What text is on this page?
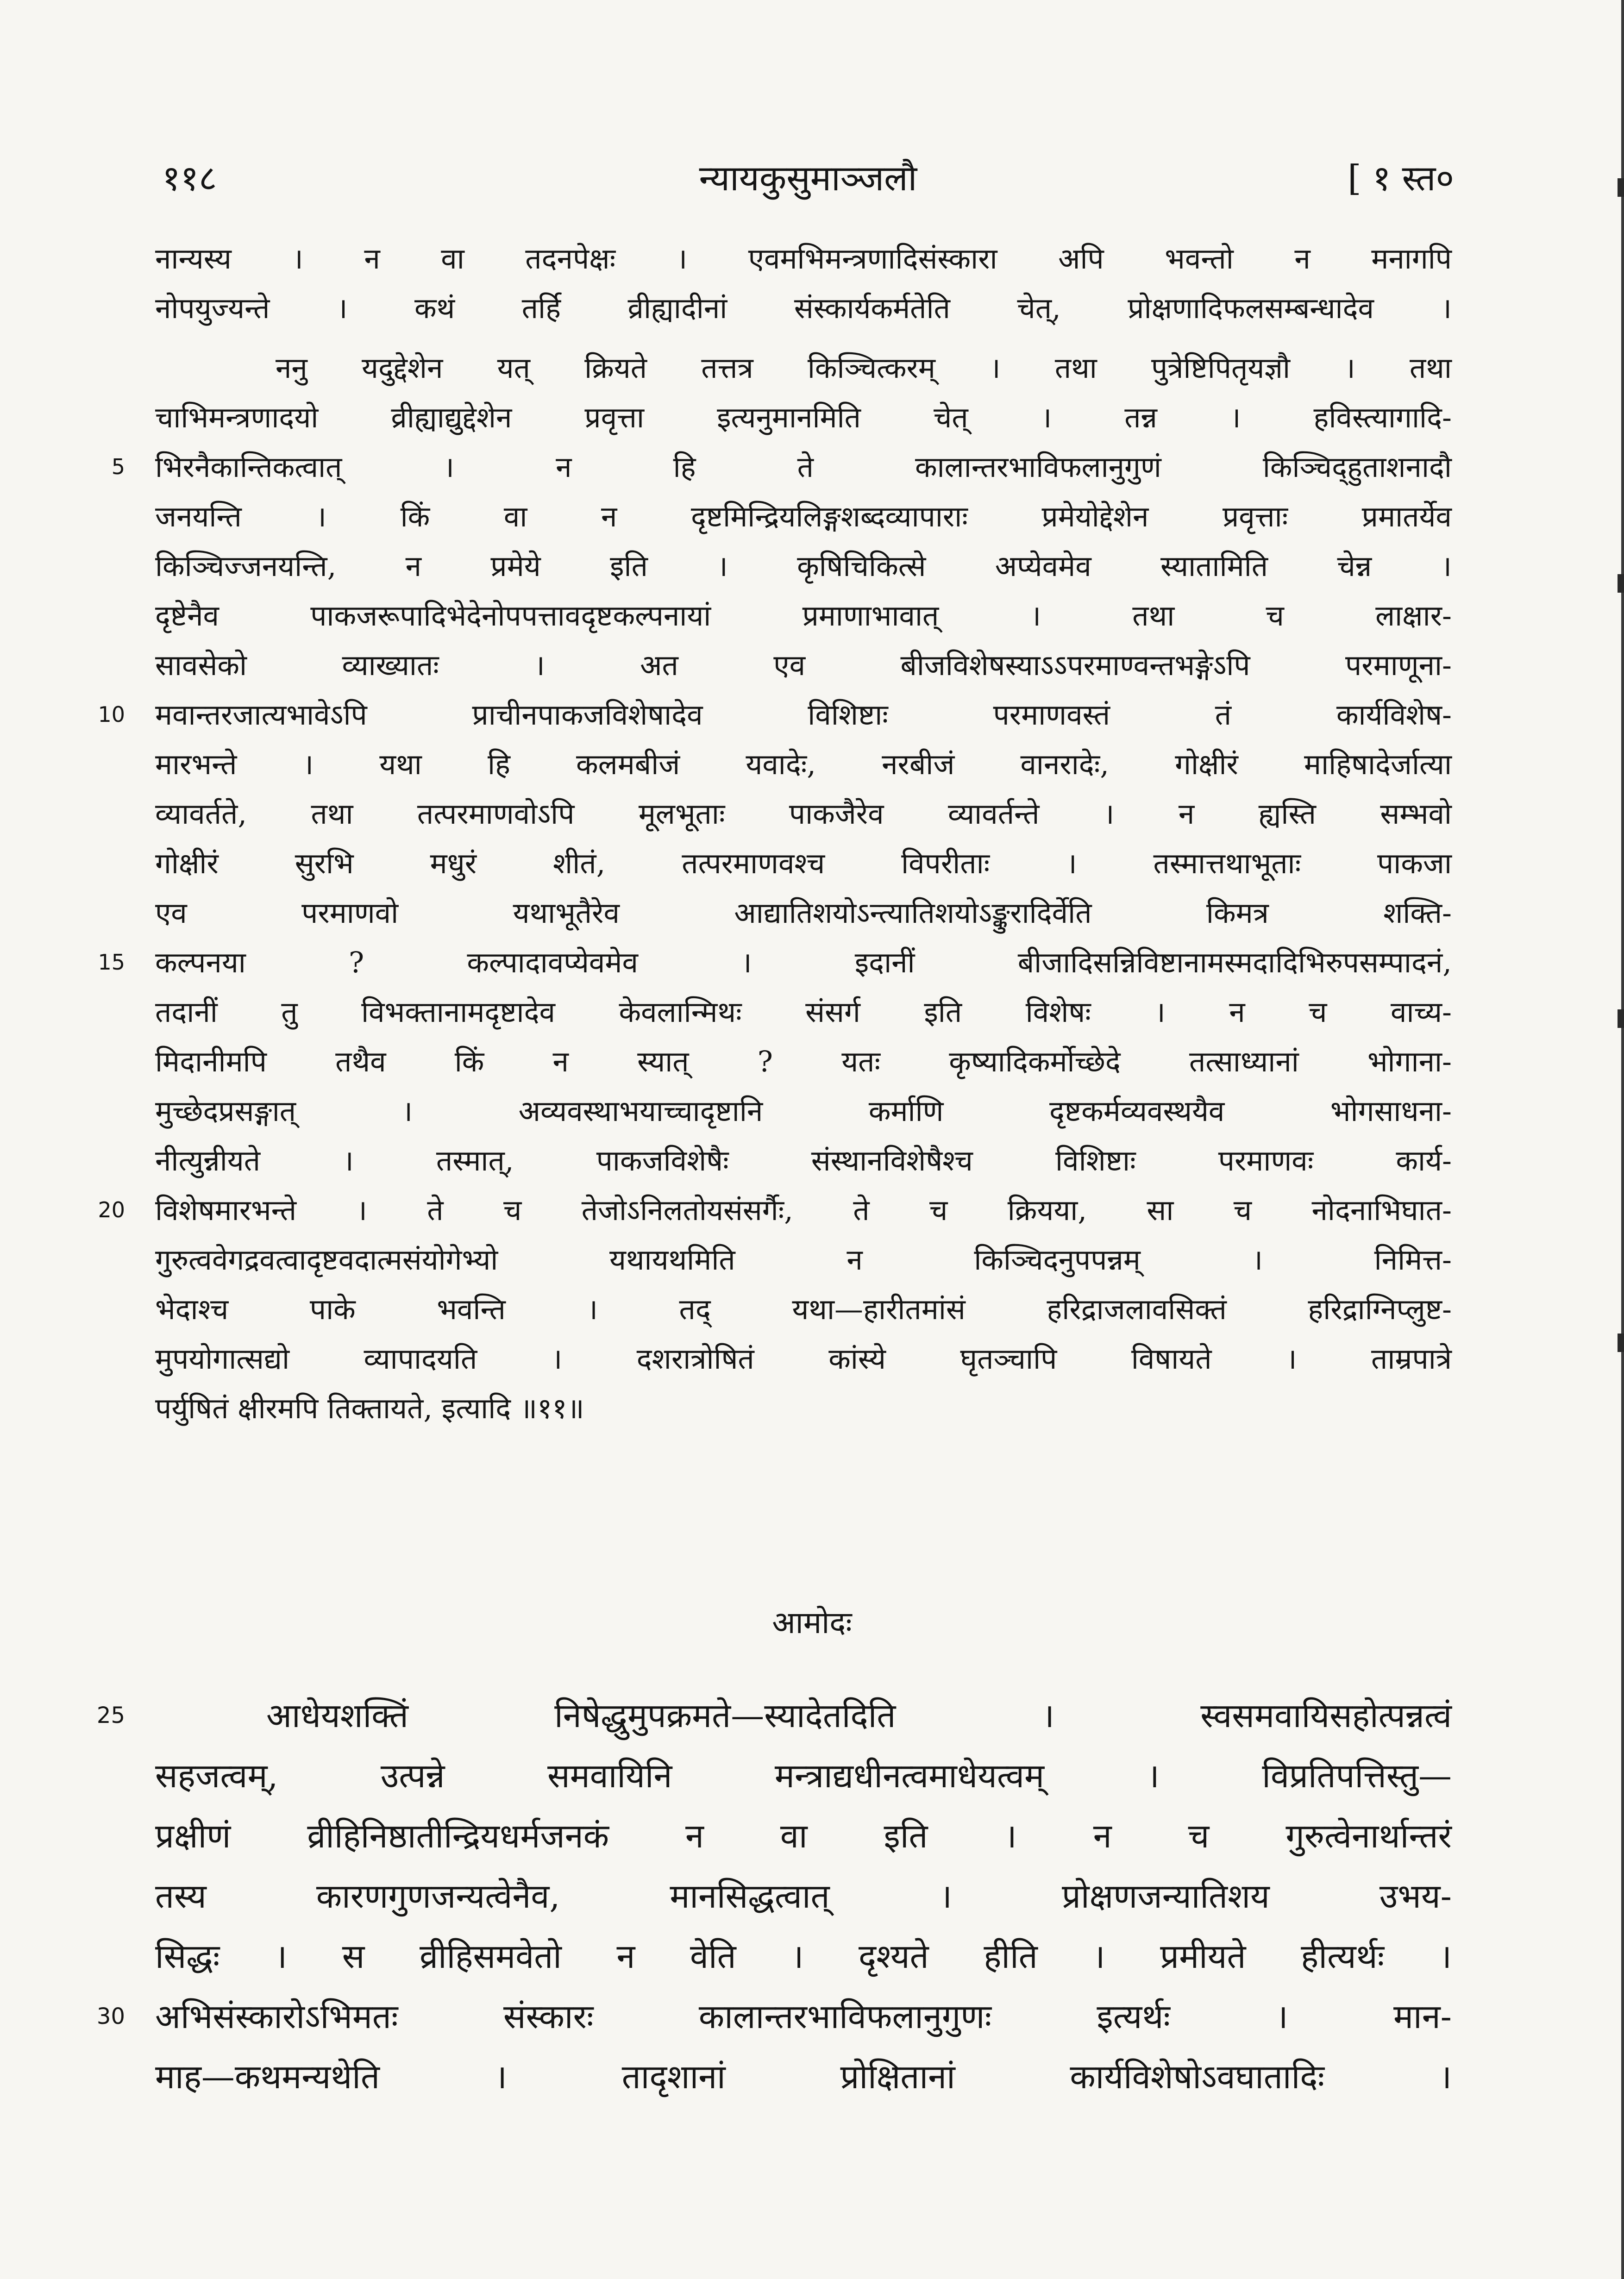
११८	न्यायकुसुमाञ्जलौ	[ १ स्त०
नान्यस्य । न वा तदनपेक्षः । एवमभिमन्त्रणादिसंस्कारा अपि भवन्तो न मनागपि
नोपयुज्यन्ते । कथं तर्हि व्रीह्यादीनां संस्कार्यकर्मतेति चेत्, प्रोक्षणादिफलसम्बन्धादेव ।
ननु यदुद्देशेन यत् क्रियते तत्तत्र किञ्चित्करम् । तथा पुत्रेष्टिपितृयज्ञौ । तथा
चाभिमन्त्रणादयो व्रीह्याद्युद्देशेन प्रवृत्ता इत्यनुमानमिति चेत् । तन्न । हविस्त्यागादि-
5 भिरनैकान्तिकत्वात् । न हि ते कालान्तरभाविफलानुगुणं किञ्चिद्‌हुताशनादौ
जनयन्ति । किं वा न दृष्टमिन्द्रियलिङ्गशब्दव्यापाराः प्रमेयोद्देशेन प्रवृत्ताः प्रमातर्येव
किञ्चिज्जनयन्ति, न प्रमेये इति । कृषिचिकित्से अप्येवमेव स्यातामिति चेन्न ।
दृष्टेनैव पाकजरूपादिभेदेनोपपत्तावदृष्टकल्पनायां प्रमाणाभावात् । तथा च लाक्षार-
सावसेको व्याख्यातः । अत एव बीजविशेषस्याऽऽपरमाण्वन्तभङ्गेऽपि परमाणूना-
10 मवान्तरजात्यभावेऽपि प्राचीनपाकजविशेषादेव विशिष्टाः परमाणवस्तं तं कार्यविशेष-
मारभन्ते । यथा हि कलमबीजं यवादेः, नरबीजं वानरादेः, गोक्षीरं माहिषादेर्जात्या
व्यावर्तते, तथा तत्परमाणवोऽपि मूलभूताः पाकजैरेव व्यावर्तन्ते । न ह्यस्ति सम्भवो
गोक्षीरं सुरभि मधुरं शीतं, तत्परमाणवश्च विपरीताः । तस्मात्तथाभूताः पाकजा
एव परमाणवो यथाभूतैरेव आद्यातिशयोऽन्त्यातिशयोऽङ्कुरादिर्वेति किमत्र शक्ति-
15 कल्पनया ? कल्पादावप्येवमेव । इदानीं बीजादिसन्निविष्टानामस्मदादिभिरुपसम्पादनं,
तदानीं तु विभक्तानामदृष्टादेव केवलान्मिथः संसर्ग इति विशेषः । न च वाच्य-
मिदानीमपि तथैव किं न स्यात् ? यतः कृष्यादिकर्मोच्छेदे तत्साध्यानां भोगाना-
मुच्छेदप्रसङ्गात् । अव्यवस्थाभयाच्चादृष्टानि कर्माणि दृष्टकर्मव्यवस्थयैव भोगसाधना-
नीत्युन्नीयते । तस्मात्, पाकजविशेषैः संस्थानविशेषैश्च विशिष्टाः परमाणवः कार्य-
20 विशेषमारभन्ते । ते च तेजोऽनिलतोयसंसर्गैः, ते च क्रियया, सा च नोदनाभिघात-
गुरुत्ववेगद्रवत्वादृष्टवदात्मसंयोगेभ्यो यथायथमिति न किञ्चिदनुपपन्नम् । निमित्त-
भेदाश्च पाके भवन्ति । तद् यथा—हारीतमांसं हरिद्राजलावसिक्तं हरिद्राग्निप्लुष्ट-
मुपयोगात्सद्यो व्यापादयति । दशरात्रोषितं कांस्ये घृतञ्चापि विषायते । ताम्रपात्रे
पर्युषितं क्षीरमपि तिक्तायते, इत्यादि ॥११॥
आमोदः
25	आधेयशक्तिं निषेद्धुमुपक्रमते—स्यादेतदिति । स्वसमवायिसहोत्पन्नत्वं
सहजत्वम्, उत्पन्ने समवायिनि मन्त्राद्यधीनत्वमाधेयत्वम् । विप्रतिपत्तिस्तु—
प्रक्षीणं व्रीहिनिष्ठातीन्द्रियधर्मजनकं न वा इति । न च गुरुत्वेनार्थान्तरं
तस्य कारणगुणजन्यत्वेनैव, मानसिद्धत्वात् । प्रोक्षणजन्यातिशय उभय-
सिद्धः । स व्रीहिसमवेतो न वेति । दृश्यते हीति । प्रमीयते हीत्यर्थः ।
30 अभिसंस्कारोऽभिमतः संस्कारः कालान्तरभाविफलानुगुणः इत्यर्थः । मान-
माह—कथमन्यथेति । तादृशानां प्रोक्षितानां कार्यविशेषोऽवघातादिः ।
